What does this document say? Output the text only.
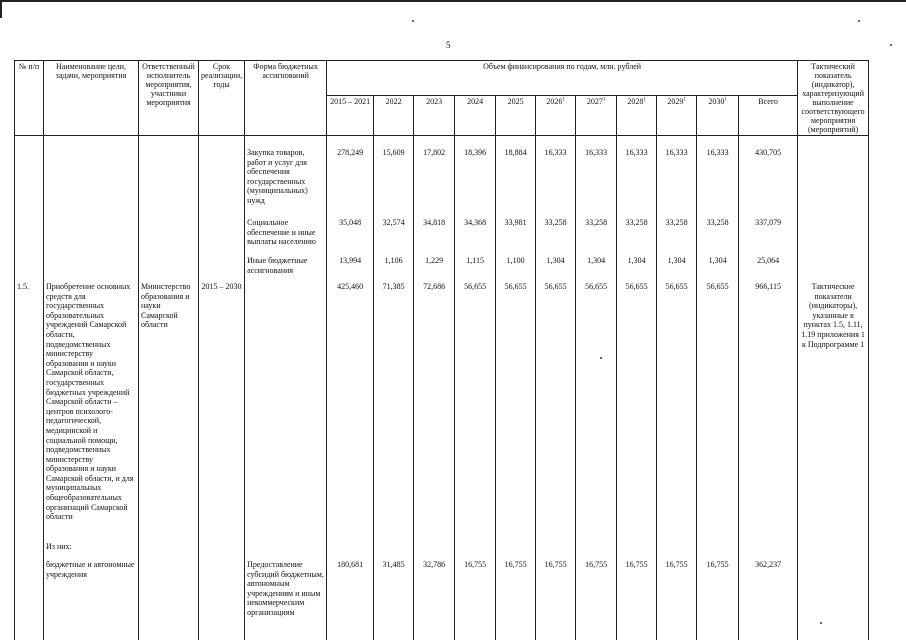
5
№ п/п	Наименование цели, задачи, мероприятия	Ответственный исполнитель мероприятия, участники мероприятия	Срок реализации, годы	Форма бюджетных ассигнований	Объем финансирования по годам, млн. рублей											Тактический показатель (индикатор), характеризующий выполнение соответствующего мероприятия (мероприятий)
					2015 – 2021	2022	2023	2024	2025	2026$^1$	2027$^1$	2028$^1$	2029$^1$	2030$^1$	Всего	

				Закупка товаров, работ и услуг для обеспечения государственных (муниципальных) нужд	278,249	15,609	17,802	18,396	18,884	16,333	16,333	16,333	16,333	16,333	430,705	
				Социальное обеспечение и иные выплаты населению	35,048	32,574	34,818	34,368	33,981	33,258	33,258	33,258	33,258	33,258	337,079	
				Иные бюджетные ассигнования	13,994	1,106	1,229	1,115	1,100	1,304	1,304	1,304	1,304	1,304	25,064	
1.5.	Приобретение основных средств для государственных образовательных учреждений Самарской области, подведомственных министерству образования и науки Самарской области, государственных бюджетных учреждений Самарской области – центров психолого-педагогической, медицинской и социальной помощи, подведомственных министерству образования и науки Самарской области, и для муниципальных общеобразовательных организаций Самарской области	Министерство образования и науки Самарской области	2015 – 2030		425,460	71,385	72,686	56,655	56,655	56,655	56,655	56,655	56,655	56,655	966,115	Тактические показатели (индикаторы), указанные в пунктах 1.5, 1.11, 1.19 приложения 1 к Подпрограмме 1
	Из них:															
	бюджетные и автономные учреждения			Предоставление субсидий бюджетным, автономным учреждениям и иным некоммерческим организациям	180,681	31,485	32,786	16,755	16,755	16,755	16,755	16,755	16,755	16,755	362,237	
